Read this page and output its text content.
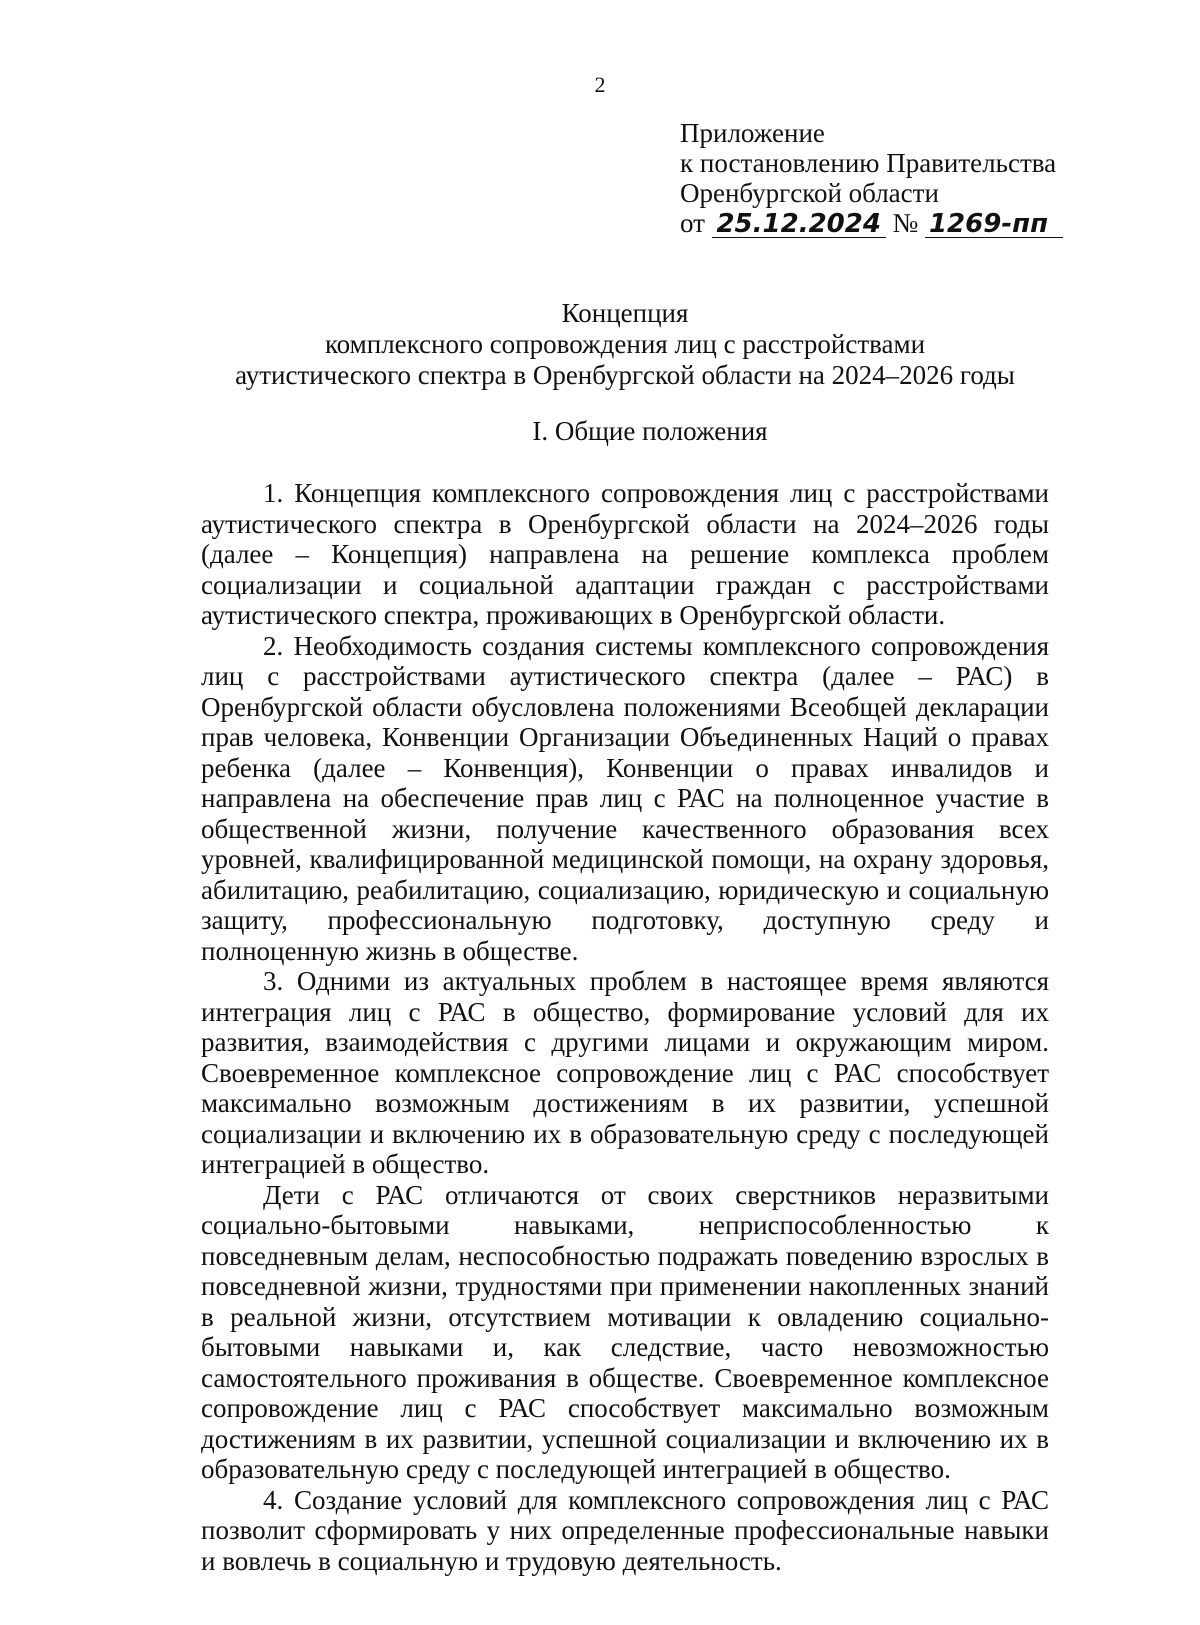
2
Приложение
к постановлению Правительства
Оренбургской области
от 25.12.2024 № 1269-пп
Концепция
комплексного сопровождения лиц с расстройствами
аутистического спектра в Оренбургской области на 2024–2026 годы
I. Общие положения

1. Концепция комплексного сопровождения лиц с расстройствами аутистического спектра в Оренбургской области на 2024–2026 годы (далее – Концепция) направлена на решение комплекса проблем социализации и социальной адаптации граждан с расстройствами аутистического спектра, проживающих в Оренбургской области.

2. Необходимость создания системы комплексного сопровождения лиц с расстройствами аутистического спектра (далее – РАС) в Оренбургской области обусловлена положениями Всеобщей декларации прав человека, Конвенции Организации Объединенных Наций о правах ребенка (далее – Конвенция), Конвенции о правах инвалидов и направлена на обеспечение прав лиц с РАС на полноценное участие в общественной жизни, получение качественного образования всех уровней, квалифицированной медицинской помощи, на охрану здоровья, абилитацию, реабилитацию, социализацию, юридическую и социальную защиту, профессиональную подготовку, доступную среду и полноценную жизнь в обществе.

3. Одними из актуальных проблем в настоящее время являются интеграция лиц с РАС в общество, формирование условий для их развития, взаимодействия с другими лицами и окружающим миром. Своевременное комплексное сопровождение лиц с РАС способствует максимально возможным достижениям в их развитии, успешной социализации и включению их в образовательную среду с последующей интеграцией в общество.

Дети с РАС отличаются от своих сверстников неразвитыми социально-бытовыми навыками, неприспособленностью к повседневным делам, неспособностью подражать поведению взрослых в повседневной жизни, трудностями при применении накопленных знаний в реальной жизни, отсутствием мотивации к овладению социально-бытовыми навыками и, как следствие, часто невозможностью самостоятельного проживания в обществе. Своевременное комплексное сопровождение лиц с РАС способствует максимально возможным достижениям в их развитии, успешной социализации и включению их в образовательную среду с последующей интеграцией в общество.

4. Создание условий для комплексного сопровождения лиц с РАС позволит сформировать у них определенные профессиональные навыки и вовлечь в социальную и трудовую деятельность.
